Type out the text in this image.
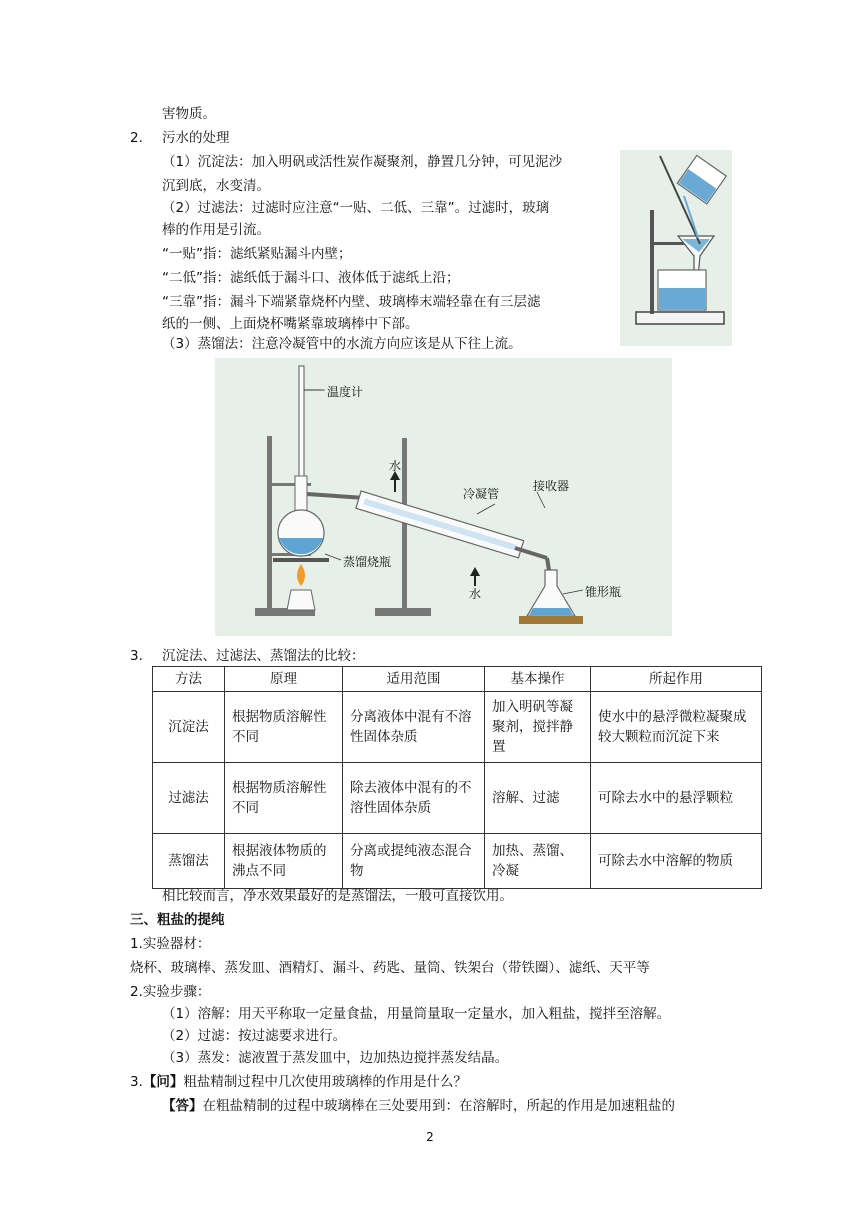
害物质。
2. 污水的处理
（1）沉淀法：加入明矾或活性炭作凝聚剂，静置几分钟，可见泥沙
沉到底，水变清。
（2）过滤法：过滤时应注意“一贴、二低、三靠”。过滤时，玻璃
棒的作用是引流。
“一贴”指：滤纸紧贴漏斗内壁；
“二低”指：滤纸低于漏斗口、液体低于滤纸上沿；
“三靠”指：漏斗下端紧靠烧杯内壁、玻璃棒末端轻靠在有三层滤
纸的一侧、上面烧杯嘴紧靠玻璃棒中下部。
（3）蒸馏法：注意冷凝管中的水流方向应该是从下往上流。
温度计
水
冷凝管
接收器
蒸馏烧瓶
水	锥形瓶
3. 沉淀法、过滤法、蒸馏法的比较：
方法	原理	适用范围	基本操作	所起作用
沉淀法	根据物质溶解性不同	分离液体中混有不溶性固体杂质	加入明矾等凝聚剂，搅拌静置	使水中的悬浮微粒凝聚成较大颗粒而沉淀下来
过滤法	根据物质溶解性不同	除去液体中混有的不溶性固体杂质	溶解、过滤	可除去水中的悬浮颗粒
蒸馏法	根据液体物质的沸点不同	分离或提纯液态混合物	加热、蒸馏、冷凝	可除去水中溶解的物质
相比较而言，净水效果最好的是蒸馏法，一般可直接饮用。
三、粗盐的提纯
1.实验器材：
烧杯、玻璃棒、蒸发皿、酒精灯、漏斗、药匙、量筒、铁架台（带铁圈）、滤纸、天平等
2.实验步骤：
（1）溶解：用天平称取一定量食盐，用量筒量取一定量水，加入粗盐，搅拌至溶解。
（2）过滤：按过滤要求进行。
（3）蒸发：滤液置于蒸发皿中，边加热边搅拌蒸发结晶。
3.【问】粗盐精制过程中几次使用玻璃棒的作用是什么？
【答】在粗盐精制的过程中玻璃棒在三处要用到：在溶解时，所起的作用是加速粗盐的
2
